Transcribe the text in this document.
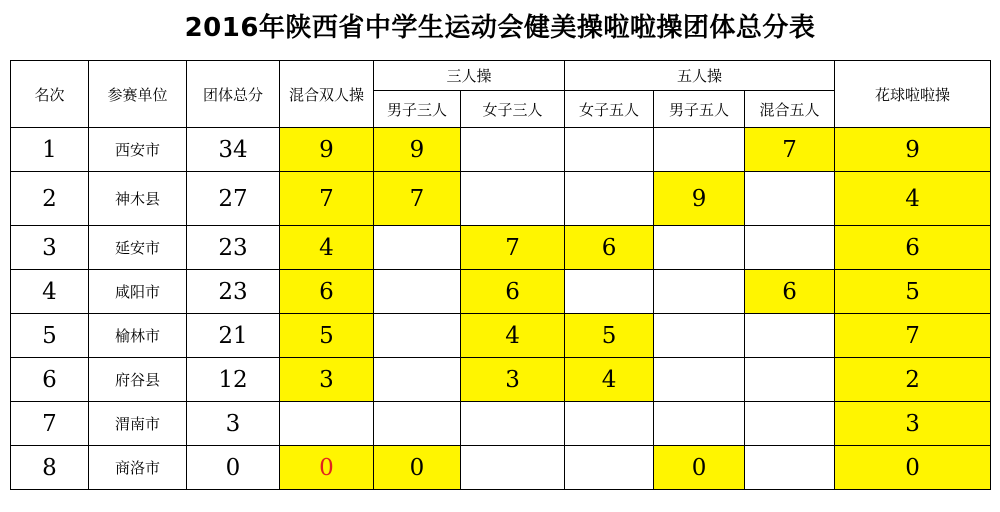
2016年陕西省中学生运动会健美操啦啦操团体总分表
名次	参赛单位	团体总分	混合双人操	三人操		五人操			花球啦啦操
				男子三人	女子三人	女子五人	男子五人	混合五人	
1	西安市	34	9	9				7	9
2	神木县	27	7	7			9		4
3	延安市	23	4		7	6			6
4	咸阳市	23	6		6			6	5
5	榆林市	21	5		4	5			7
6	府谷县	12	3		3	4			2
7	渭南市	3							3
8	商洛市	0	0	0			0		0
